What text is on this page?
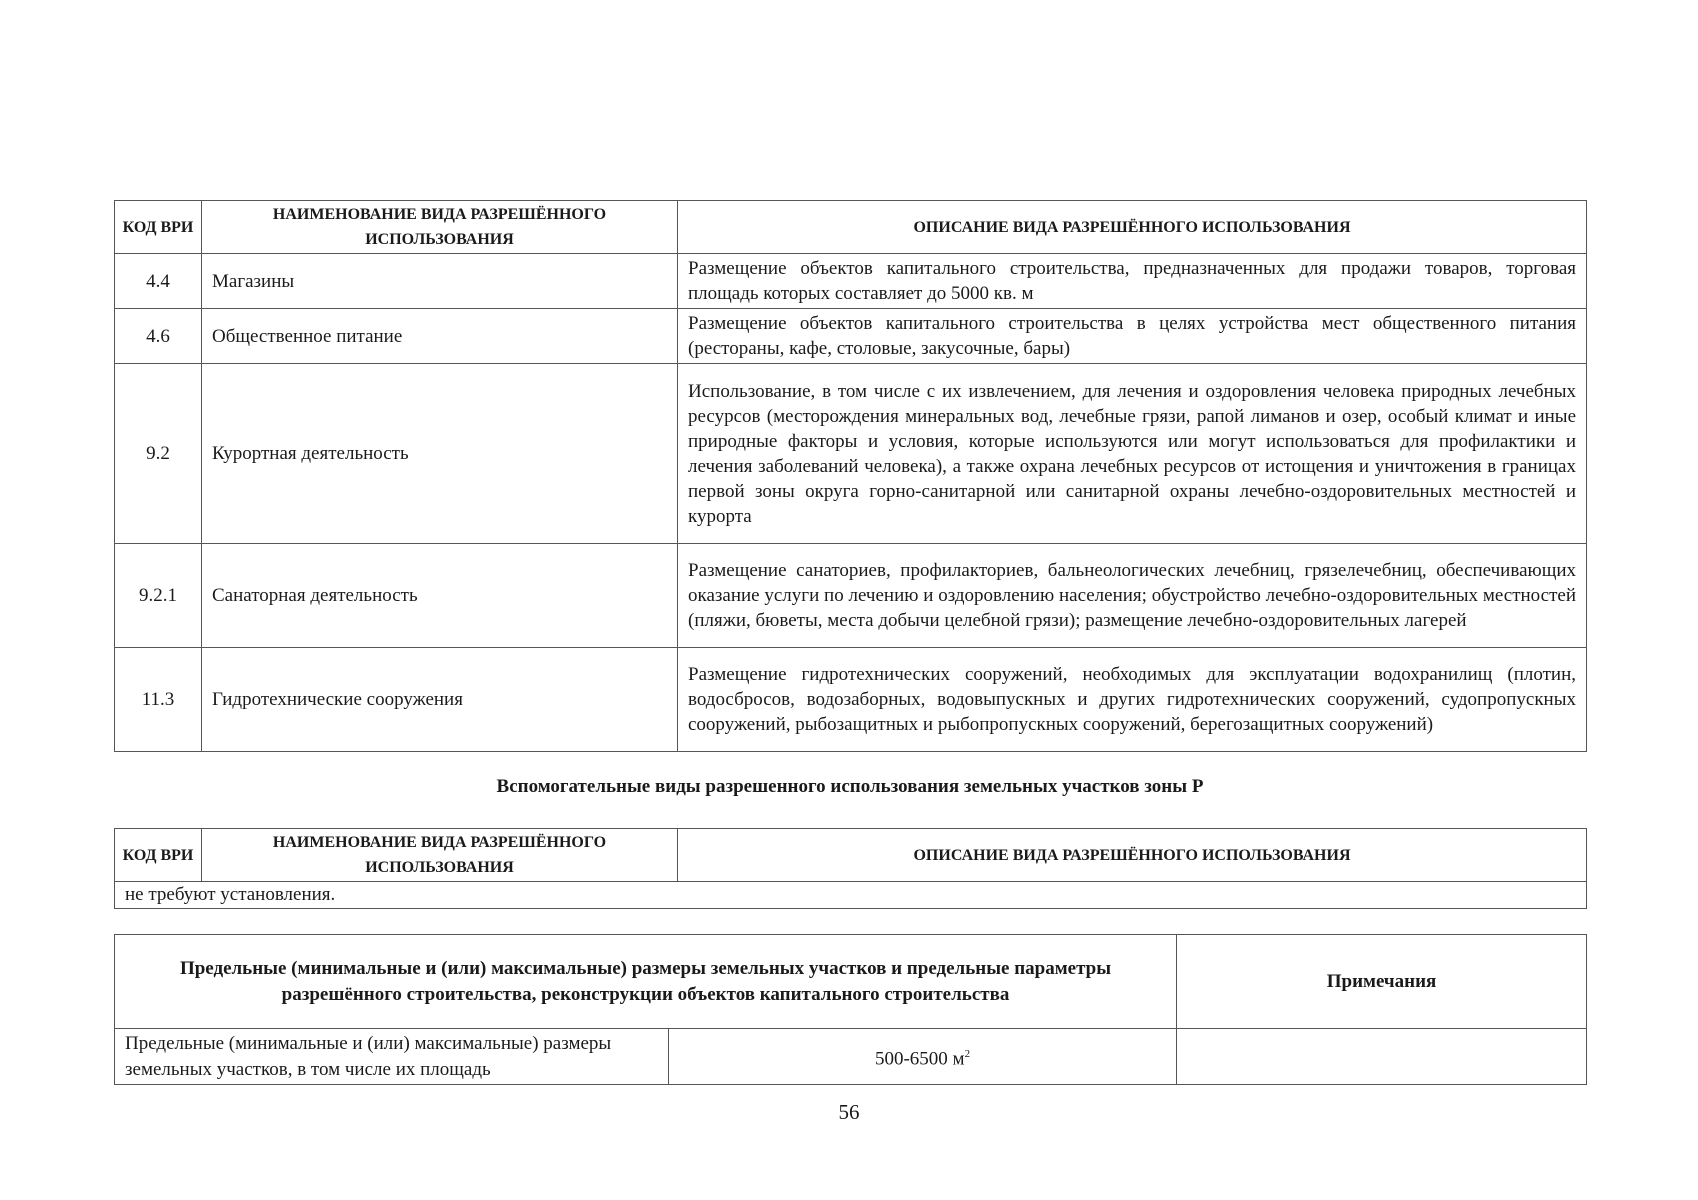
КОД ВРИ	НАИМЕНОВАНИЕ ВИДА РАЗРЕШЁННОГО ИСПОЛЬЗОВАНИЯ	ОПИСАНИЕ ВИДА РАЗРЕШЁННОГО ИСПОЛЬЗОВАНИЯ
4.4	Магазины	Размещение объектов капитального строительства, предназначенных для продажи товаров, торговая площадь которых составляет до 5000 кв. м
4.6	Общественное питание	Размещение объектов капитального строительства в целях устройства мест общественного питания (рестораны, кафе, столовые, закусочные, бары)
9.2	Курортная деятельность	Использование, в том числе с их извлечением, для лечения и оздоровления человека природных лечебных ресурсов (месторождения минеральных вод, лечебные грязи, рапой лиманов и озер, особый климат и иные природные факторы и условия, которые используются или могут использоваться для профилактики и лечения заболеваний человека), а также охрана лечебных ресурсов от истощения и уничтожения в границах первой зоны округа горно-санитарной или санитарной охраны лечебно-оздоровительных местностей и курорта
9.2.1	Санаторная деятельность	Размещение санаториев, профилакториев, бальнеологических лечебниц, грязелечебниц, обеспечивающих оказание услуги по лечению и оздоровлению населения; обустройство лечебно-оздоровительных местностей (пляжи, бюветы, места добычи целебной грязи); размещение лечебно-оздоровительных лагерей
11.3	Гидротехнические сооружения	Размещение гидротехнических сооружений, необходимых для эксплуатации водохранилищ (плотин, водосбросов, водозаборных, водовыпускных и других гидротехнических сооружений, судопропускных сооружений, рыбозащитных и рыбопропускных сооружений, берегозащитных сооружений)
Вспомогательные виды разрешенного использования земельных участков зоны Р
КОД ВРИ	НАИМЕНОВАНИЕ ВИДА РАЗРЕШЁННОГО ИСПОЛЬЗОВАНИЯ	ОПИСАНИЕ ВИДА РАЗРЕШЁННОГО ИСПОЛЬЗОВАНИЯ
не требуют установления.
Предельные (минимальные и (или) максимальные) размеры земельных участков и предельные параметры разрешённого строительства, реконструкции объектов капитального строительства		Примечания
Предельные (минимальные и (или) максимальные) размеры земельных участков, в том числе их площадь	500-6500 $м^2$	
56
